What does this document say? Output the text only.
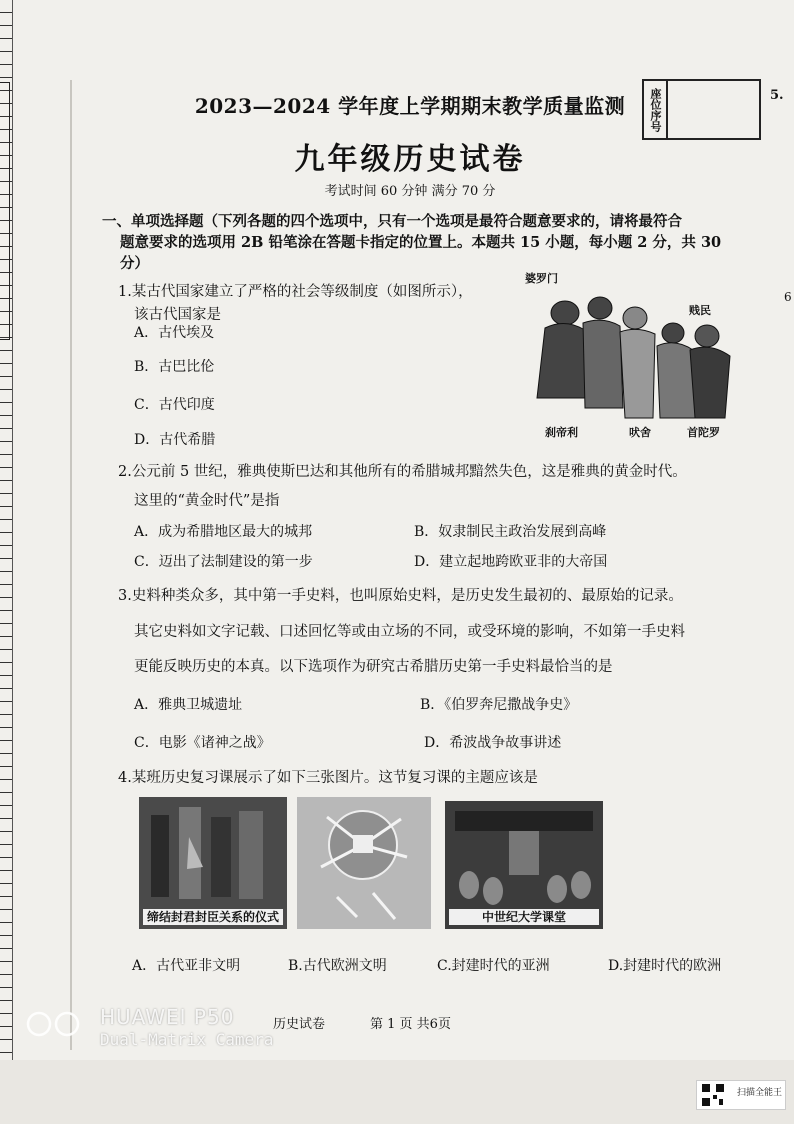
2023—2024 学年度上学期期末教学质量监测
九年级历史试卷
考试时间 60 分钟 满分 70 分
座位序号	5.
6
一、单项选择题（下列各题的四个选项中，只有一个选项是最符合题意要求的，请将最符合
题意要求的选项用 2B 铅笔涂在答题卡指定的位置上。本题共 15 小题，每小题 2 分，共 30
分）
1.某古代国家建立了严格的社会等级制度（如图所示），
该古代国家是
A．古代埃及
B．古巴比伦
C．古代印度
D．古代希腊
婆罗门
贱民
刹帝利	吠舍	首陀罗
2.公元前 5 世纪，雅典使斯巴达和其他所有的希腊城邦黯然失色，这是雅典的黄金时代。
这里的“黄金时代”是指
A．成为希腊地区最大的城邦	B．奴隶制民主政治发展到高峰
C．迈出了法制建设的第一步	D．建立起地跨欧亚非的大帝国
3.史料种类众多，其中第一手史料，也叫原始史料，是历史发生最初的、最原始的记录。
其它史料如文字记载、口述回忆等或由立场的不同，或受环境的影响，不如第一手史料
更能反映历史的本真。以下选项作为研究古希腊历史第一手史料最恰当的是
A．雅典卫城遗址	B．《伯罗奔尼撒战争史》
C．电影《诸神之战》	D．希波战争故事讲述
4.某班历史复习课展示了如下三张图片。这节复习课的主题应该是
缔结封君封臣关系的仪式	中世纪大学课堂
A．古代亚非文明	B.古代欧洲文明	C.封建时代的亚洲	D.封建时代的欧洲
历史试卷	第 1 页 共6页
HUAWEI P50
Dual-Matrix Camera
扫描全能王
